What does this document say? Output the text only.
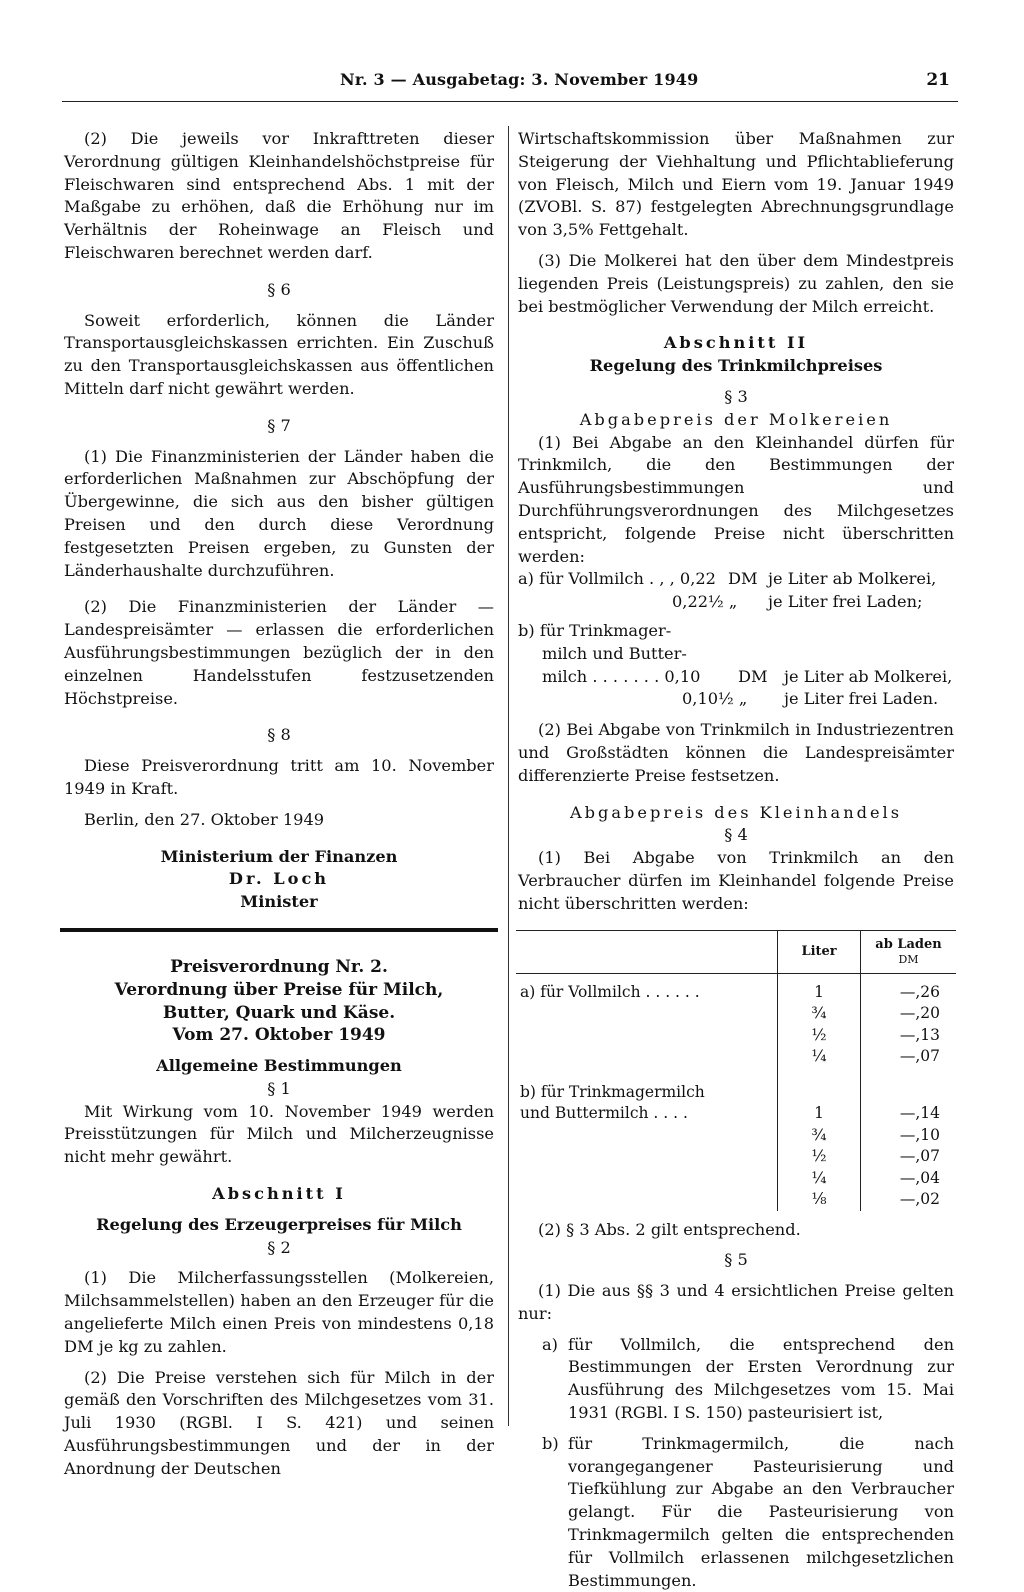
Nr. 3 — Ausgabetag: 3. November 1949	21

(2) Die jeweils vor Inkrafttreten dieser Verordnung gültigen Kleinhandelshöchstpreise für Fleischwaren sind entsprechend Abs. 1 mit der Maßgabe zu erhöhen, daß die Erhöhung nur im Verhältnis der Roheinwage an Fleisch und Fleischwaren berechnet werden darf.

§ 6

Soweit erforderlich, können die Länder Transportausgleichskassen errichten. Ein Zuschuß zu den Transportausgleichskassen aus öffentlichen Mitteln darf nicht gewährt werden.

§ 7

(1) Die Finanzministerien der Länder haben die erforderlichen Maßnahmen zur Abschöpfung der Übergewinne, die sich aus den bisher gültigen Preisen und den durch diese Verordnung festgesetzten Preisen ergeben, zu Gunsten der Länderhaushalte durchzuführen.

(2) Die Finanzministerien der Länder — Landespreisämter — erlassen die erforderlichen Ausführungsbestimmungen bezüglich der in den einzelnen Handelsstufen festzusetzenden Höchstpreise.

§ 8

Diese Preisverordnung tritt am 10. November 1949 in Kraft.

Berlin, den 27. Oktober 1949

Ministerium der Finanzen

Dr. Loch

Minister

Preisverordnung Nr. 2.

Verordnung über Preise für Milch, Butter, Quark und Käse.

Vom 27. Oktober 1949

Allgemeine Bestimmungen

§ 1

Mit Wirkung vom 10. November 1949 werden Preisstützungen für Milch und Milcherzeugnisse nicht mehr gewährt.

Abschnitt I

Regelung des Erzeugerpreises für Milch

§ 2

(1) Die Milcherfassungsstellen (Molkereien, Milchsammelstellen) haben an den Erzeuger für die angelieferte Milch einen Preis von mindestens 0,18 DM je kg zu zahlen.

(2) Die Preise verstehen sich für Milch in der gemäß den Vorschriften des Milchgesetzes vom 31. Juli 1930 (RGBl. I S. 421) und seinen Ausführungsbestimmungen und der in der Anordnung der Deutschen

Wirtschaftskommission über Maßnahmen zur Steigerung der Viehhaltung und Pflichtablieferung von Fleisch, Milch und Eiern vom 19. Januar 1949 (ZVOBl. S. 87) festgelegten Abrechnungsgrundlage von 3,5% Fettgehalt.

(3) Die Molkerei hat den über dem Mindestpreis liegenden Preis (Leistungspreis) zu zahlen, den sie bei bestmöglicher Verwendung der Milch erreicht.

Abschnitt II

Regelung des Trinkmilchpreises

§ 3

Abgabepreis der Molkereien

(1) Bei Abgabe an den Kleinhandel dürfen für Trinkmilch, die den Bestimmungen der Ausführungsbestimmungen und Durchführungsverordnungen des Milchgesetzes entspricht, folgende Preise nicht überschritten werden:

a) für Vollmilch . , , 0,22 DM je Liter ab Molkerei,
0,22½ „ je Liter frei Laden;
b) für Trinkmager-
milch und Butter-
milch . . . . . . . 0,10 DM je Liter ab Molkerei,
0,10½ „ je Liter frei Laden.

(2) Bei Abgabe von Trinkmilch in Industriezentren und Großstädten können die Landespreisämter differenzierte Preise festsetzen.

Abgabepreis des Kleinhandels

§ 4

(1) Bei Abgabe von Trinkmilch an den Verbraucher dürfen im Kleinhandel folgende Preise nicht überschritten werden:

	Liter	ab Laden
DM

a) für Vollmilch . . . . . .	1	—,26
	¾	—,20
	½	—,13
	¼	—,07
b) für Trinkmagermilch		
und Buttermilch . . . .	1	—,14
	¾	—,10
	½	—,07
	¼	—,04
	⅛	—,02

(2) § 3 Abs. 2 gilt entsprechend.

§ 5

(1) Die aus §§ 3 und 4 ersichtlichen Preise gelten nur:

a) für Vollmilch, die entsprechend den Bestimmungen der Ersten Verordnung zur Ausführung des Milchgesetzes vom 15. Mai 1931 (RGBl. I S. 150) pasteurisiert ist,
b) für Trinkmagermilch, die nach vorangegangener Pasteurisierung und Tiefkühlung zur Abgabe an den Verbraucher gelangt. Für die Pasteurisierung von Trinkmagermilch gelten die entsprechenden für Vollmilch erlassenen milchgesetzlichen Bestimmungen.
